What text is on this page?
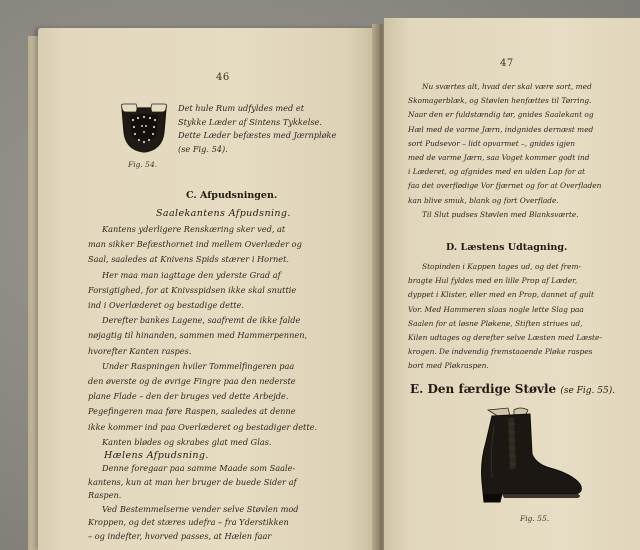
46
Fig. 54.
Det hule Rum udfyldes med et
Stykke Læder af Sintens Tykkelse.
Dette Læder befæstes med Jærnpløke
(se Fig. 54).
C. Afpudsningen.
Saalekantens Afpudsning.
Kantens yderligere Renskæring sker ved, at
man sikker Befæsthornet ind mellem Overlæder og
Saal, saaledes at Knivens Spids stærer i Hornet.
Her maa man iagttage den yderste Grad af
Forsigtighed, for at Knivsspidsen ikke skal snuttie
ind i Overlæderet og bestadige dette.
Derefter bankes Lagene, saafremt de ikke falde
nøjagtig til hinanden, sammen med Hammerpennen,
hvorefter Kanten raspes.
Under Raspningen hviler Tommelfingeren paa
den øverste og de øvrige Fingre paa den nederste
plane Flade – den der bruges ved dette Arbejde.
Pegefingeren maa føre Raspen, saaledes at denne
ikke kommer ind paa Overlæderet og bestadiger dette.
Kanten blødes og skrabes glat med Glas.
Hælens Afpudsning.
Denne foregaar paa samme Maade som Saale-
kantens, kun at man her bruger de buede Sider af
Raspen.
Ved Bestemmelserne vender selve Støvlen mod
Kroppen, og det stæres udefra – fra Yderstikken
– og indefter, hvorved passes, at Hælen faar
47
Nu sværtes alt, hvad der skal være sort, med
Skomagerblæk, og Støvlen henfættes til Tørring.
Naar den er fuldstændig tør, gnides Saalekant og
Hæl med de varme Jærn, indgnides dernæst med
sort Pudsevor – lidt opvarmet –, gnides igjen
med de varme Jærn, saa Voget kommer godt ind
i Læderet, og afgnides med en ulden Lap for at
faa det overflødige Vor fjærnet og for at Overfladen
kan blive smuk, blank og fort Overflade.
Til Slut pudses Støvlen med Blanksværte.
D. Læstens Udtagning.
Stopinden i Kappen tages ud, og det frem-
bragte Hul fyldes med en lille Prop af Læder,
dyppet i Klister, eller med en Prop, dannet af gult
Vor. Med Hammeren slaas nogle lette Slag paa
Saalen for at løsne Pløkene, Stiften striues ud,
Kilen udtages og derefter selve Læsten med Læste-
krogen. De indvendig fremstaaende Pløke raspes
bort med Pløkraspen.
E. Den færdige Støvle (se Fig. 55).
Fig. 55.
